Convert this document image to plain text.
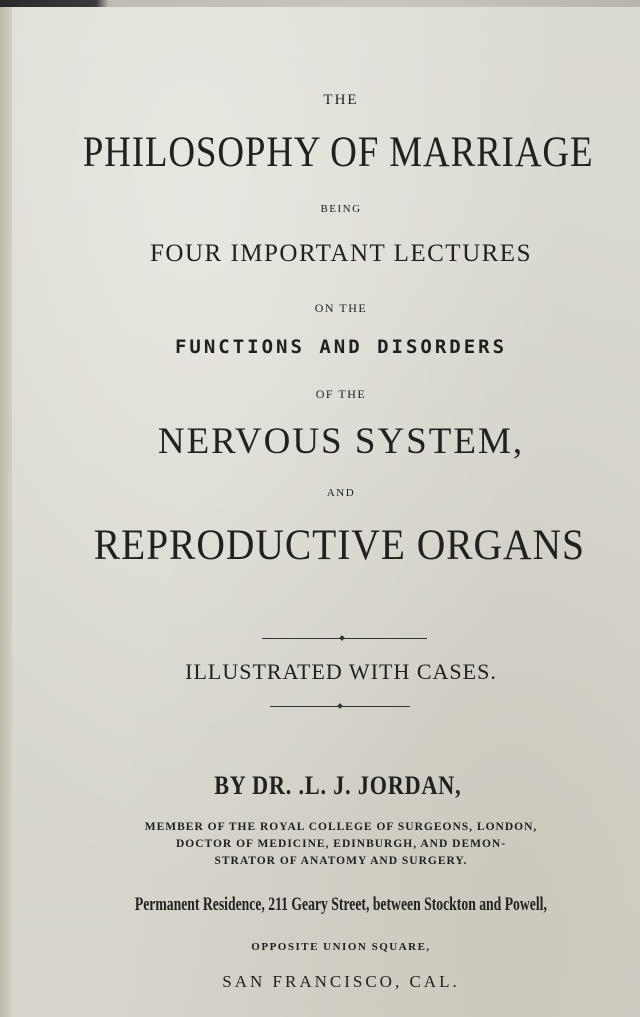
THE
PHILOSOPHY OF MARRIAGE
BEING
FOUR IMPORTANT LECTURES
ON THE
FUNCTIONS AND DISORDERS
OF THE
NERVOUS SYSTEM,
AND
REPRODUCTIVE ORGANS
ILLUSTRATED WITH CASES.
BY DR. .L. J. JORDAN,
MEMBER OF THE ROYAL COLLEGE OF SURGEONS, LONDON,
DOCTOR OF MEDICINE, EDINBURGH, AND DEMON-
STRATOR OF ANATOMY AND SURGERY.
Permanent Residence, 211 Geary Street, between Stockton and Powell,
OPPOSITE UNION SQUARE,
SAN FRANCISCO, CAL.
